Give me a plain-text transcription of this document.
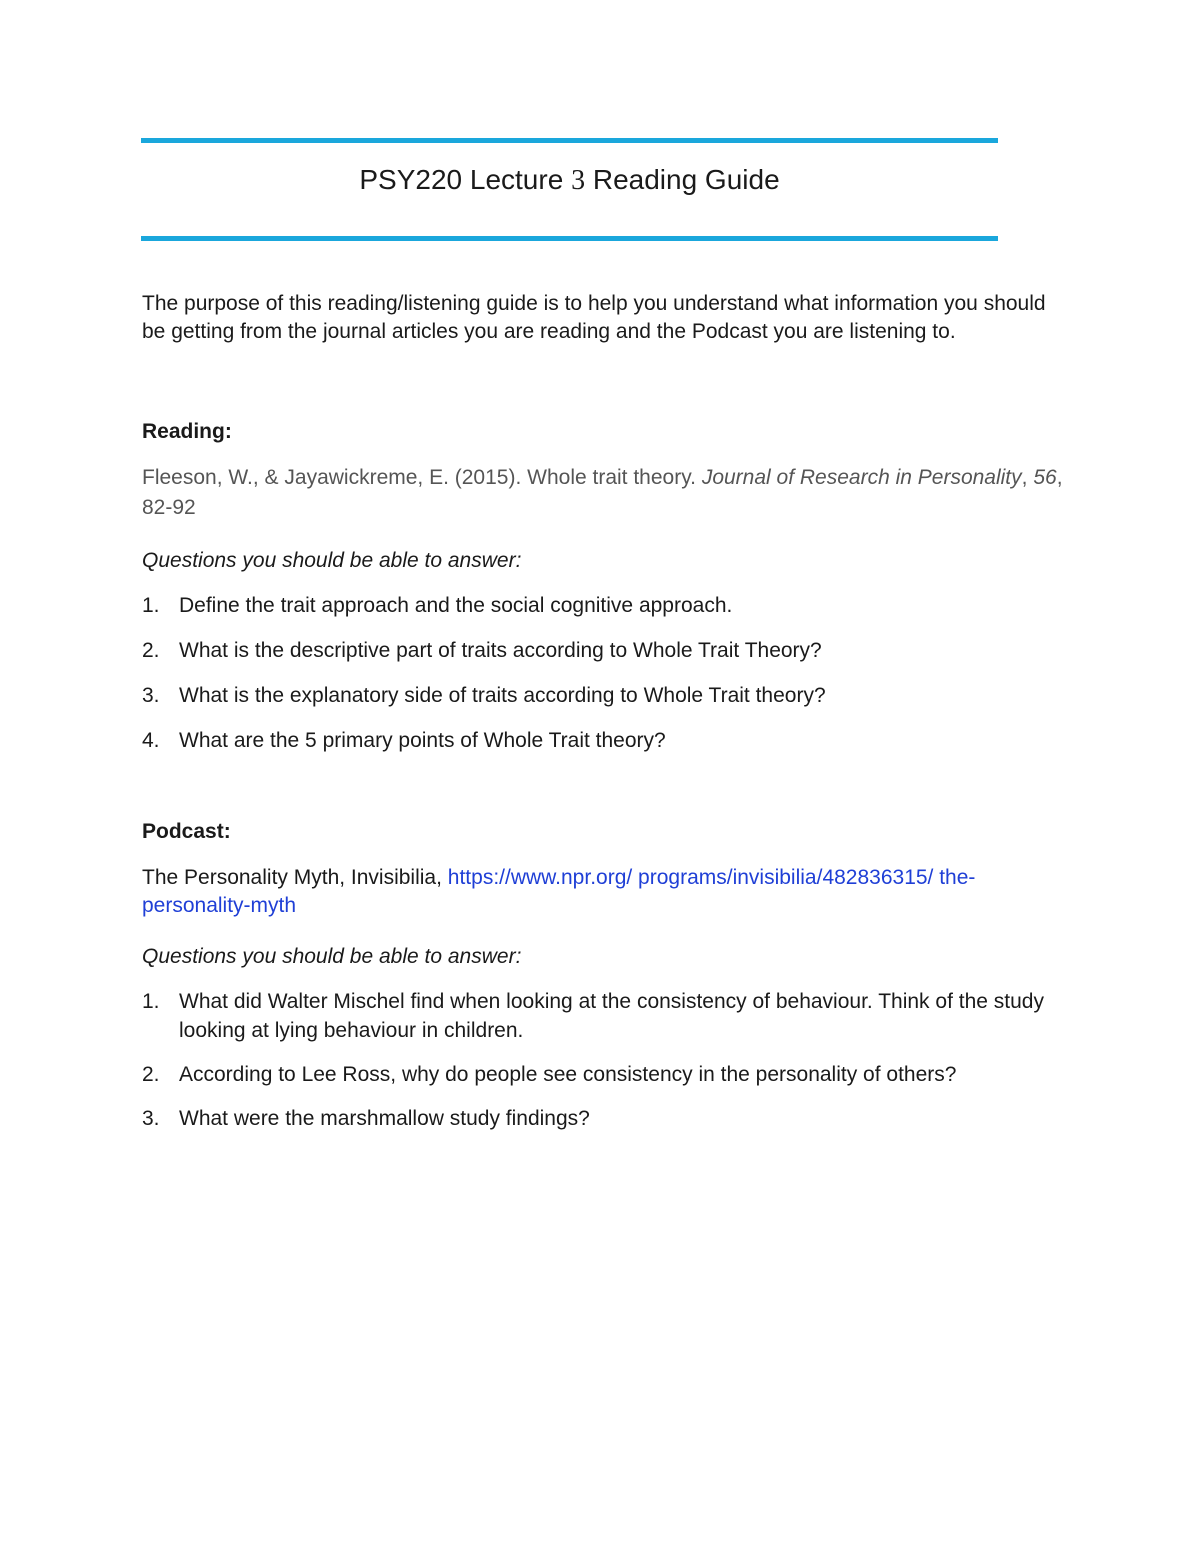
PSY220 Lecture 3 Reading Guide
The purpose of this reading/listening guide is to help you understand what information you should be getting from the journal articles you are reading and the Podcast you are listening to.
Reading:
Fleeson, W., & Jayawickreme, E. (2015). Whole trait theory. Journal of Research in Personality, 56, 82-92
Questions you should be able to answer:
1. Define the trait approach and the social cognitive approach.
2. What is the descriptive part of traits according to Whole Trait Theory?
3. What is the explanatory side of traits according to Whole Trait theory?
4. What are the 5 primary points of Whole Trait theory?
Podcast:
The Personality Myth, Invisibilia, https://www.npr.org/ programs/invisibilia/482836315/ the-personality-myth
Questions you should be able to answer:
1. What did Walter Mischel find when looking at the consistency of behaviour. Think of the study looking at lying behaviour in children.
2. According to Lee Ross, why do people see consistency in the personality of others?
3. What were the marshmallow study findings?
